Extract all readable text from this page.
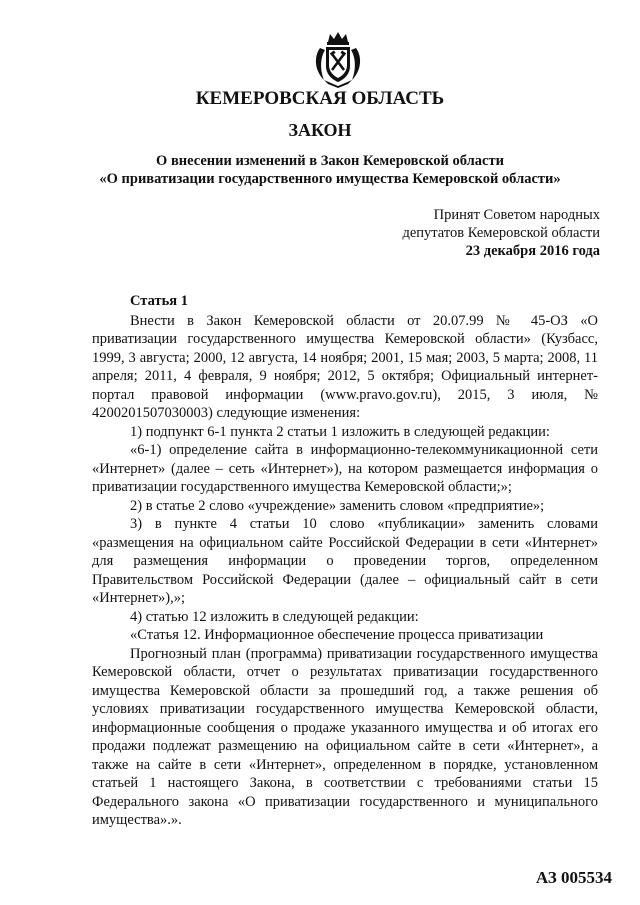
КЕМЕРОВСКАЯ ОБЛАСТЬ
ЗАКОН
О внесении изменений в Закон Кемеровской области
«О приватизации государственного имущества Кемеровской области»
Принят Советом народных
депутатов Кемеровской области
23 декабря 2016 года

Статья 1

Внести в Закон Кемеровской области от 20.07.99 № 45-ОЗ «О приватизации государственного имущества Кемеровской области» (Кузбасс, 1999, 3 августа; 2000, 12 августа, 14 ноября; 2001, 15 мая; 2003, 5 марта; 2008, 11 апреля; 2011, 4 февраля, 9 ноября; 2012, 5 октября; Официальный интернет-портал правовой информации (www.pravo.gov.ru), 2015, 3 июля, № 4200201507030003) следующие изменения:

1) подпункт 6-1 пункта 2 статьи 1 изложить в следующей редакции:

«6-1) определение сайта в информационно-телекоммуникационной сети «Интернет» (далее – сеть «Интернет»), на котором размещается информация о приватизации государственного имущества Кемеровской области;»;

2) в статье 2 слово «учреждение» заменить словом «предприятие»;

3) в пункте 4 статьи 10 слово «публикации» заменить словами «размещения на официальном сайте Российской Федерации в сети «Интернет» для размещения информации о проведении торгов, определенном Правительством Российской Федерации (далее – официальный сайт в сети «Интернет»),»;

4) статью 12 изложить в следующей редакции:

«Статья 12. Информационное обеспечение процесса приватизации

Прогнозный план (программа) приватизации государственного имущества Кемеровской области, отчет о результатах приватизации государственного имущества Кемеровской области за прошедший год, а также решения об условиях приватизации государственного имущества Кемеровской области, информационные сообщения о продаже указанного имущества и об итогах его продажи подлежат размещению на официальном сайте в сети «Интернет», а также на сайте в сети «Интернет», определенном в порядке, установленном статьей 1 настоящего Закона, в соответствии с требованиями статьи 15 Федерального закона «О приватизации государственного и муниципального имущества».».

АЗ 005534
